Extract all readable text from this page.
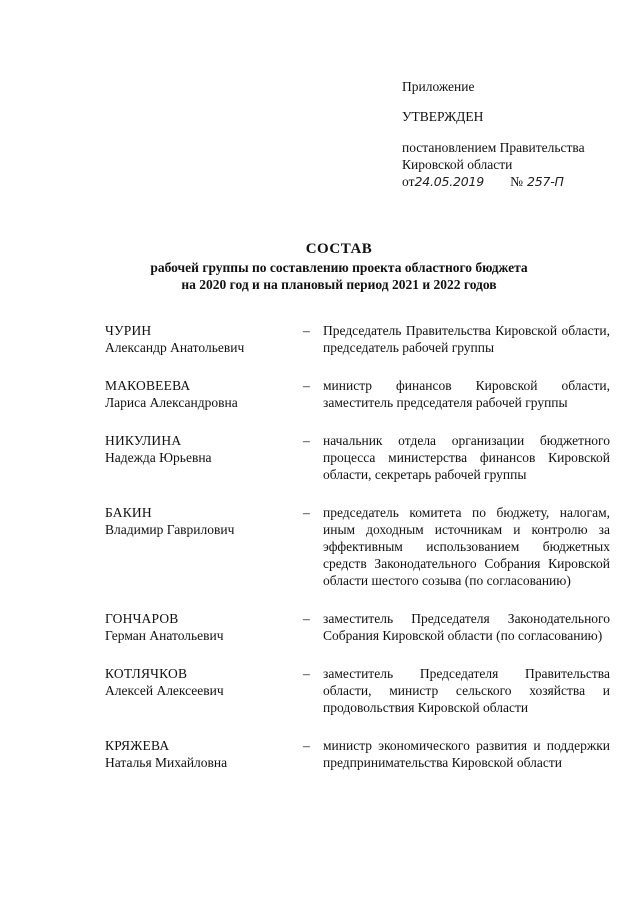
Приложение
УТВЕРЖДЕН
постановлением Правительства
Кировской области
от 24.05.2019 № 257-П
СОСТАВ
рабочей группы по составлению проекта областного бюджета
на 2020 год и на плановый период 2021 и 2022 годов
ЧУРИН
Александр Анатольевич
– Председатель Правительства Кировской области, председатель рабочей группы
МАКОВЕЕВА
Лариса Александровна
– министр финансов Кировской области, заместитель председателя рабочей группы
НИКУЛИНА
Надежда Юрьевна
– начальник отдела организации бюджетного процесса министерства финансов Кировской области, секретарь рабочей группы
БАКИН
Владимир Гаврилович
– председатель комитета по бюджету, налогам, иным доходным источникам и контролю за эффективным использованием бюджетных средств Законодательного Собрания Кировской области шестого созыва (по согласованию)
ГОНЧАРОВ
Герман Анатольевич
– заместитель Председателя Законодательного Собрания Кировской области (по согласованию)
КОТЛЯЧКОВ
Алексей Алексеевич
– заместитель Председателя Правительства области, министр сельского хозяйства и продовольствия Кировской области
КРЯЖЕВА
Наталья Михайловна
– министр экономического развития и поддержки предпринимательства Кировской области
